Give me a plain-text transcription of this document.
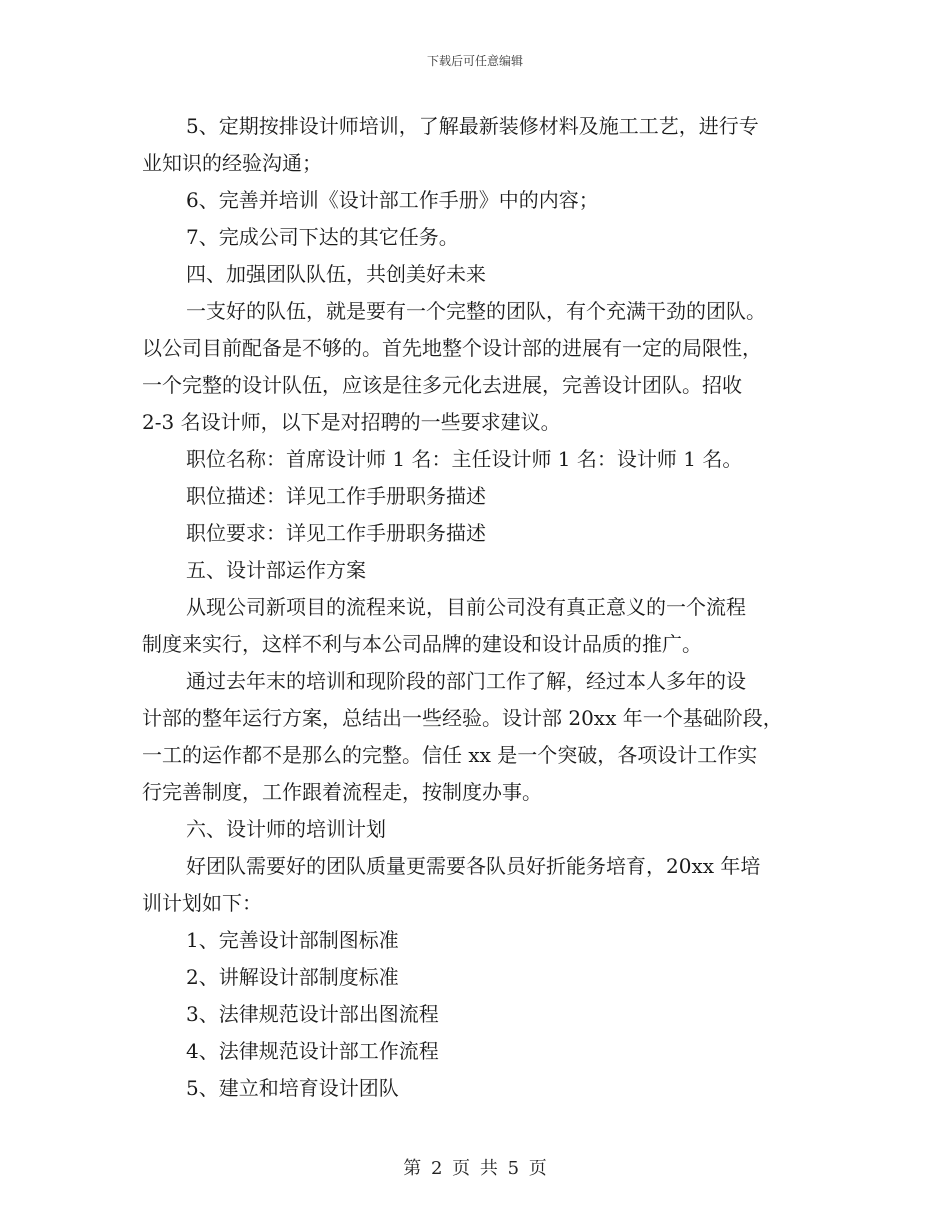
下载后可任意编辑
5、定期按排设计师培训，了解最新装修材料及施工工艺，进行专
业知识的经验沟通；
6、完善并培训《设计部工作手册》中的内容；
7、完成公司下达的其它任务。
四、加强团队队伍，共创美好未来
一支好的队伍，就是要有一个完整的团队，有个充满干劲的团队。
以公司目前配备是不够的。首先地整个设计部的进展有一定的局限性，
一个完整的设计队伍，应该是往多元化去进展，完善设计团队。招收
2-3 名设计师，以下是对招聘的一些要求建议。
职位名称：首席设计师 1 名：主任设计师 1 名：设计师 1 名。
职位描述：详见工作手册职务描述
职位要求：详见工作手册职务描述
五、设计部运作方案
从现公司新项目的流程来说，目前公司没有真正意义的一个流程
制度来实行，这样不利与本公司品牌的建设和设计品质的推广。
通过去年末的培训和现阶段的部门工作了解，经过本人多年的设
计部的整年运行方案，总结出一些经验。设计部 20xx 年一个基础阶段，
一工的运作都不是那么的完整。信任 xx 是一个突破，各项设计工作实
行完善制度，工作跟着流程走，按制度办事。
六、设计师的培训计划
好团队需要好的团队质量更需要各队员好折能务培育，20xx 年培
训计划如下：
1、完善设计部制图标准
2、讲解设计部制度标准
3、法律规范设计部出图流程
4、法律规范设计部工作流程
5、建立和培育设计团队
第 2 页 共 5 页
